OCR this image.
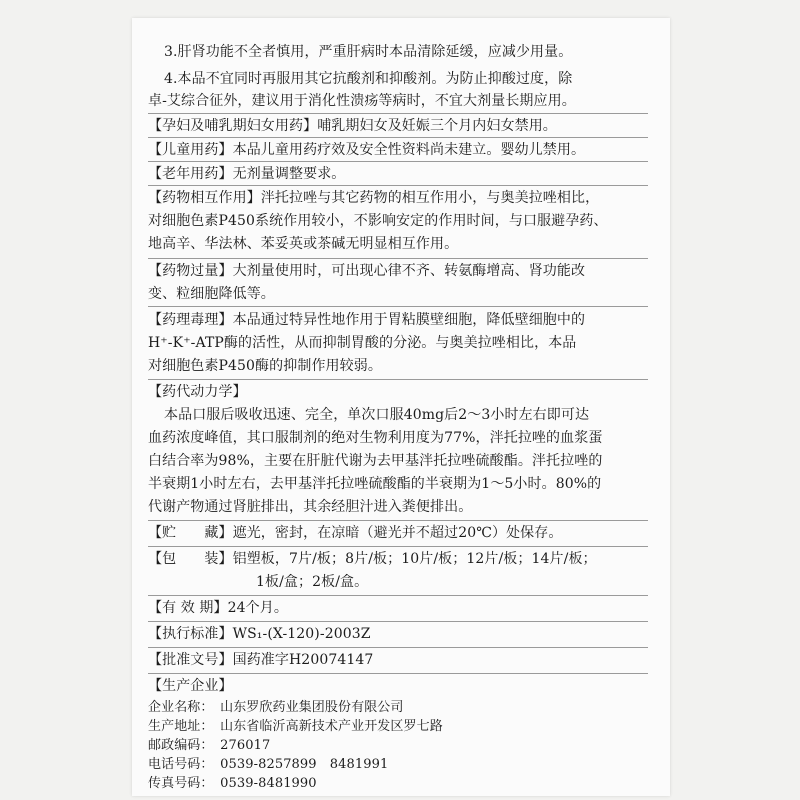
3.肝肾功能不全者慎用，严重肝病时本品清除延缓，应减少用量。
4.本品不宜同时再服用其它抗酸剂和抑酸剂。为防止抑酸过度，除
卓-艾综合征外，建议用于消化性溃疡等病时，不宜大剂量长期应用。
【孕妇及哺乳期妇女用药】哺乳期妇女及妊娠三个月内妇女禁用。
【儿童用药】本品儿童用药疗效及安全性资料尚未建立。婴幼儿禁用。
【老年用药】无剂量调整要求。
【药物相互作用】泮托拉唑与其它药物的相互作用小，与奥美拉唑相比，
对细胞色素P450系统作用较小，不影响安定的作用时间，与口服避孕药、
地高辛、华法林、苯妥英或茶碱无明显相互作用。
【药物过量】大剂量使用时，可出现心律不齐、转氨酶增高、肾功能改
变、粒细胞降低等。
【药理毒理】本品通过特异性地作用于胃粘膜壁细胞，降低壁细胞中的
H⁺-K⁺-ATP酶的活性，从而抑制胃酸的分泌。与奥美拉唑相比，本品
对细胞色素P450酶的抑制作用较弱。
【药代动力学】
本品口服后吸收迅速、完全，单次口服40mg后2～3小时左右即可达
血药浓度峰值，其口服制剂的绝对生物利用度为77%，泮托拉唑的血浆蛋
白结合率为98%，主要在肝脏代谢为去甲基泮托拉唑硫酸酯。泮托拉唑的
半衰期1小时左右，去甲基泮托拉唑硫酸酯的半衰期为1～5小时。80%的
代谢产物通过肾脏排出，其余经胆汁进入粪便排出。
【贮　　藏】遮光，密封，在凉暗（避光并不超过20℃）处保存。
【包　　装】铝塑板，7片/板；8片/板；10片/板；12片/板；14片/板；
1板/盒；2板/盒。
【有 效 期】24个月。
【执行标准】WS₁-(X-120)-2003Z
【批准文号】国药准字H20074147
【生产企业】
企业名称：　山东罗欣药业集团股份有限公司
生产地址：　山东省临沂高新技术产业开发区罗七路
邮政编码：　276017
电话号码：　0539-8257899　8481991
传真号码：　0539-8481990
